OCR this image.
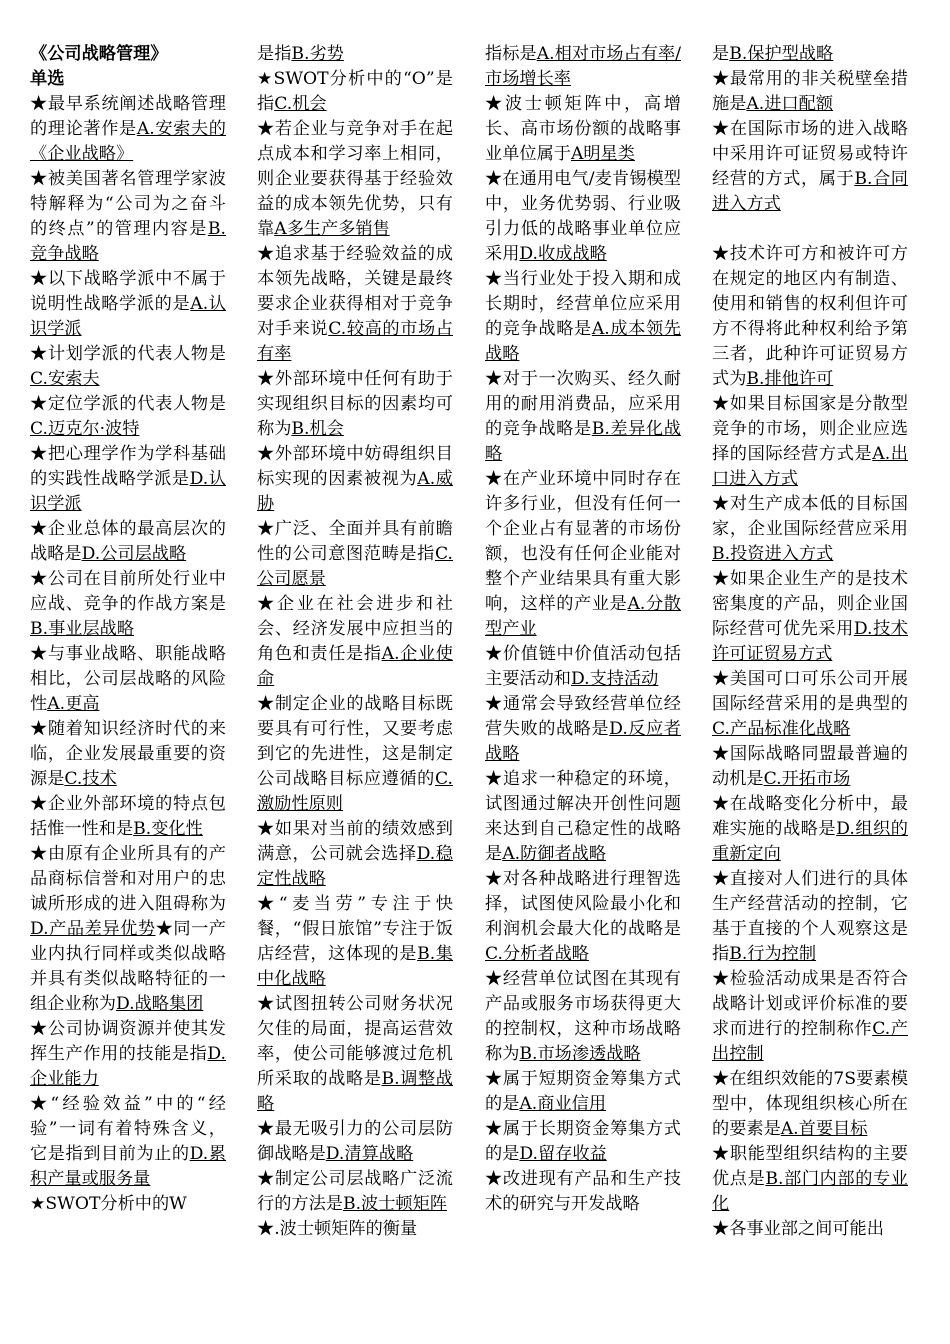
《公司战略管理》

单选

★最早系统阐述战略管理的理论著作是A.安索夫的《企业战略》

★被美国著名管理学家波特解释为“公司为之奋斗的终点”的管理内容是B.竞争战略

★以下战略学派中不属于说明性战略学派的是A.认识学派

★计划学派的代表人物是C.安索夫

★定位学派的代表人物是C.迈克尔·波特

★把心理学作为学科基础的实践性战略学派是D.认识学派

★企业总体的最高层次的战略是D.公司层战略

★公司在目前所处行业中应战、竞争的作战方案是B.事业层战略

★与事业战略、职能战略相比，公司层战略的风险性A.更高

★随着知识经济时代的来临，企业发展最重要的资源是C.技术

★企业外部环境的特点包括惟一性和是B.变化性

★由原有企业所具有的产品商标信誉和对用户的忠诚所形成的进入阻碍称为D.产品差异优势★同一产业内执行同样或类似战略并具有类似战略特征的一组企业称为D.战略集团

★公司协调资源并使其发挥生产作用的技能是指D.企业能力

★“经验效益”中的“经验”一词有着特殊含义，它是指到目前为止的D.累积产量或服务量

★SWOT分析中的W

是指B.劣势

★SWOT分析中的“O”是指C.机会

★若企业与竞争对手在起点成本和学习率上相同，则企业要获得基于经验效益的成本领先优势，只有靠A多生产多销售

★追求基于经验效益的成本领先战略，关键是最终要求企业获得相对于竞争对手来说C.较高的市场占有率

★外部环境中任何有助于实现组织目标的因素均可称为B.机会

★外部环境中妨碍组织目标实现的因素被视为A.威胁

★广泛、全面并具有前瞻性的公司意图范畴是指C.公司愿景

★企业在社会进步和社会、经济发展中应担当的角色和责任是指A.企业使命

★制定企业的战略目标既要具有可行性，又要考虑到它的先进性，这是制定公司战略目标应遵循的C.激励性原则

★如果对当前的绩效感到满意，公司就会选择D.稳定性战略

★“麦当劳”专注于快餐，“假日旅馆”专注于饭店经营，这体现的是B.集中化战略

★试图扭转公司财务状况欠佳的局面，提高运营效率，使公司能够渡过危机所采取的战略是B.调整战略

★最无吸引力的公司层防御战略是D.清算战略

★制定公司层战略广泛流行的方法是B.波士顿矩阵

★.波士顿矩阵的衡量

指标是A.相对市场占有率/市场增长率

★波士顿矩阵中，高增长、高市场份额的战略事业单位属于A明星类

★在通用电气/麦肯锡模型中，业务优势弱、行业吸引力低的战略事业单位应采用D.收成战略

★当行业处于投入期和成长期时，经营单位应采用的竞争战略是A.成本领先战略

★对于一次购买、经久耐用的耐用消费品，应采用的竞争战略是B.差异化战略

★在产业环境中同时存在许多行业，但没有任何一个企业占有显著的市场份额，也没有任何企业能对整个产业结果具有重大影响，这样的产业是A.分散型产业

★价值链中价值活动包括主要活动和D.支持活动

★通常会导致经营单位经营失败的战略是D.反应者战略

★追求一种稳定的环境，试图通过解决开创性问题来达到自己稳定性的战略是A.防御者战略

★对各种战略进行理智选择，试图使风险最小化和利润机会最大化的战略是C.分析者战略

★经营单位试图在其现有产品或服务市场获得更大的控制权，这种市场战略称为B.市场渗透战略

★属于短期资金筹集方式的是A.商业信用

★属于长期资金筹集方式的是D.留存收益

★改进现有产品和生产技术的研究与开发战略

是B.保护型战略

★最常用的非关税壁垒措施是A.进口配额

★在国际市场的进入战略中采用许可证贸易或特许经营的方式，属于B.合同进入方式

★技术许可方和被许可方在规定的地区内有制造、使用和销售的权利但许可方不得将此种权利给予第三者，此种许可证贸易方式为B.排他许可

★如果目标国家是分散型竞争的市场，则企业应选择的国际经营方式是A.出口进入方式

★对生产成本低的目标国家，企业国际经营应采用B.投资进入方式

★如果企业生产的是技术密集度的产品，则企业国际经营可优先采用D.技术许可证贸易方式

★美国可口可乐公司开展国际经营采用的是典型的C.产品标准化战略

★国际战略同盟最普遍的动机是C.开拓市场

★在战略变化分析中，最难实施的战略是D.组织的重新定向

★直接对人们进行的具体生产经营活动的控制，它基于直接的个人观察这是指B.行为控制

★检验活动成果是否符合战略计划或评价标准的要求而进行的控制称作C.产出控制

★在组织效能的7S要素模型中，体现组织核心所在的要素是A.首要目标

★职能型组织结构的主要优点是B.部门内部的专业化

★各事业部之间可能出
